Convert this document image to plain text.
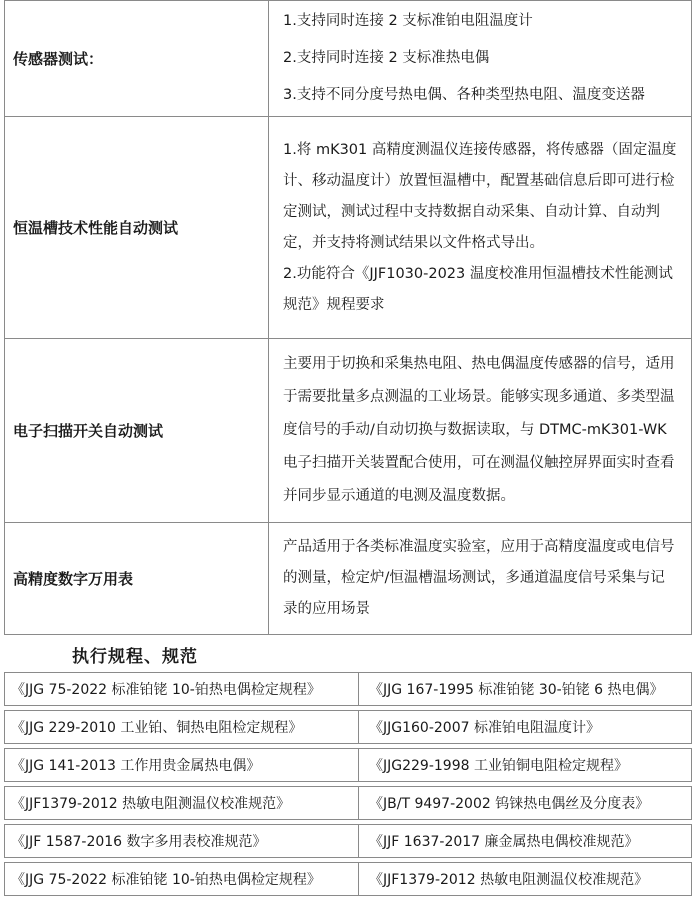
传感器测试：	1.支持同时连接 2 支标准铂电阻温度计

2.支持同时连接 2 支标准热电偶

3.支持不同分度号热电偶、各种类型热电阻、温度变送器

恒温槽技术性能自动测试	1.将 mK301 高精度测温仪连接传感器，将传感器（固定温度计、移动温度计）放置恒温槽中，配置基础信息后即可进行检定测试，测试过程中支持数据自动采集、自动计算、自动判定，并支持将测试结果以文件格式导出。

2.功能符合《JJF1030-2023 温度校准用恒温槽技术性能测试规范》规程要求

电子扫描开关自动测试	主要用于切换和采集热电阻、热电偶温度传感器的信号，适用于需要批量多点测温的工业场景。能够实现多通道、多类型温度信号的手动/自动切换与数据读取，与 DTMC-mK301-WK 电子扫描开关装置配合使用，可在测温仪触控屏界面实时查看并同步显示通道的电测及温度数据。

高精度数字万用表	产品适用于各类标准温度实验室，应用于高精度温度或电信号的测量，检定炉/恒温槽温场测试，多通道温度信号采集与记录的应用场景

执行规程、规范
《JJG 75-2022 标准铂铑 10-铂热电偶检定规程》	《JJG 167-1995 标准铂铑 30-铂铑 6 热电偶》
《JJG 229-2010 工业铂、铜热电阻检定规程》	《JJG160-2007 标准铂电阻温度计》
《JJG 141-2013 工作用贵金属热电偶》	《JJG229-1998 工业铂铜电阻检定规程》
《JJF1379-2012 热敏电阻测温仪校准规范》	《JB/T 9497-2002 钨铼热电偶丝及分度表》
《JJF 1587-2016 数字多用表校准规范》	《JJF 1637-2017 廉金属热电偶校准规范》
《JJG 75-2022 标准铂铑 10-铂热电偶检定规程》	《JJF1379-2012 热敏电阻测温仪校准规范》
